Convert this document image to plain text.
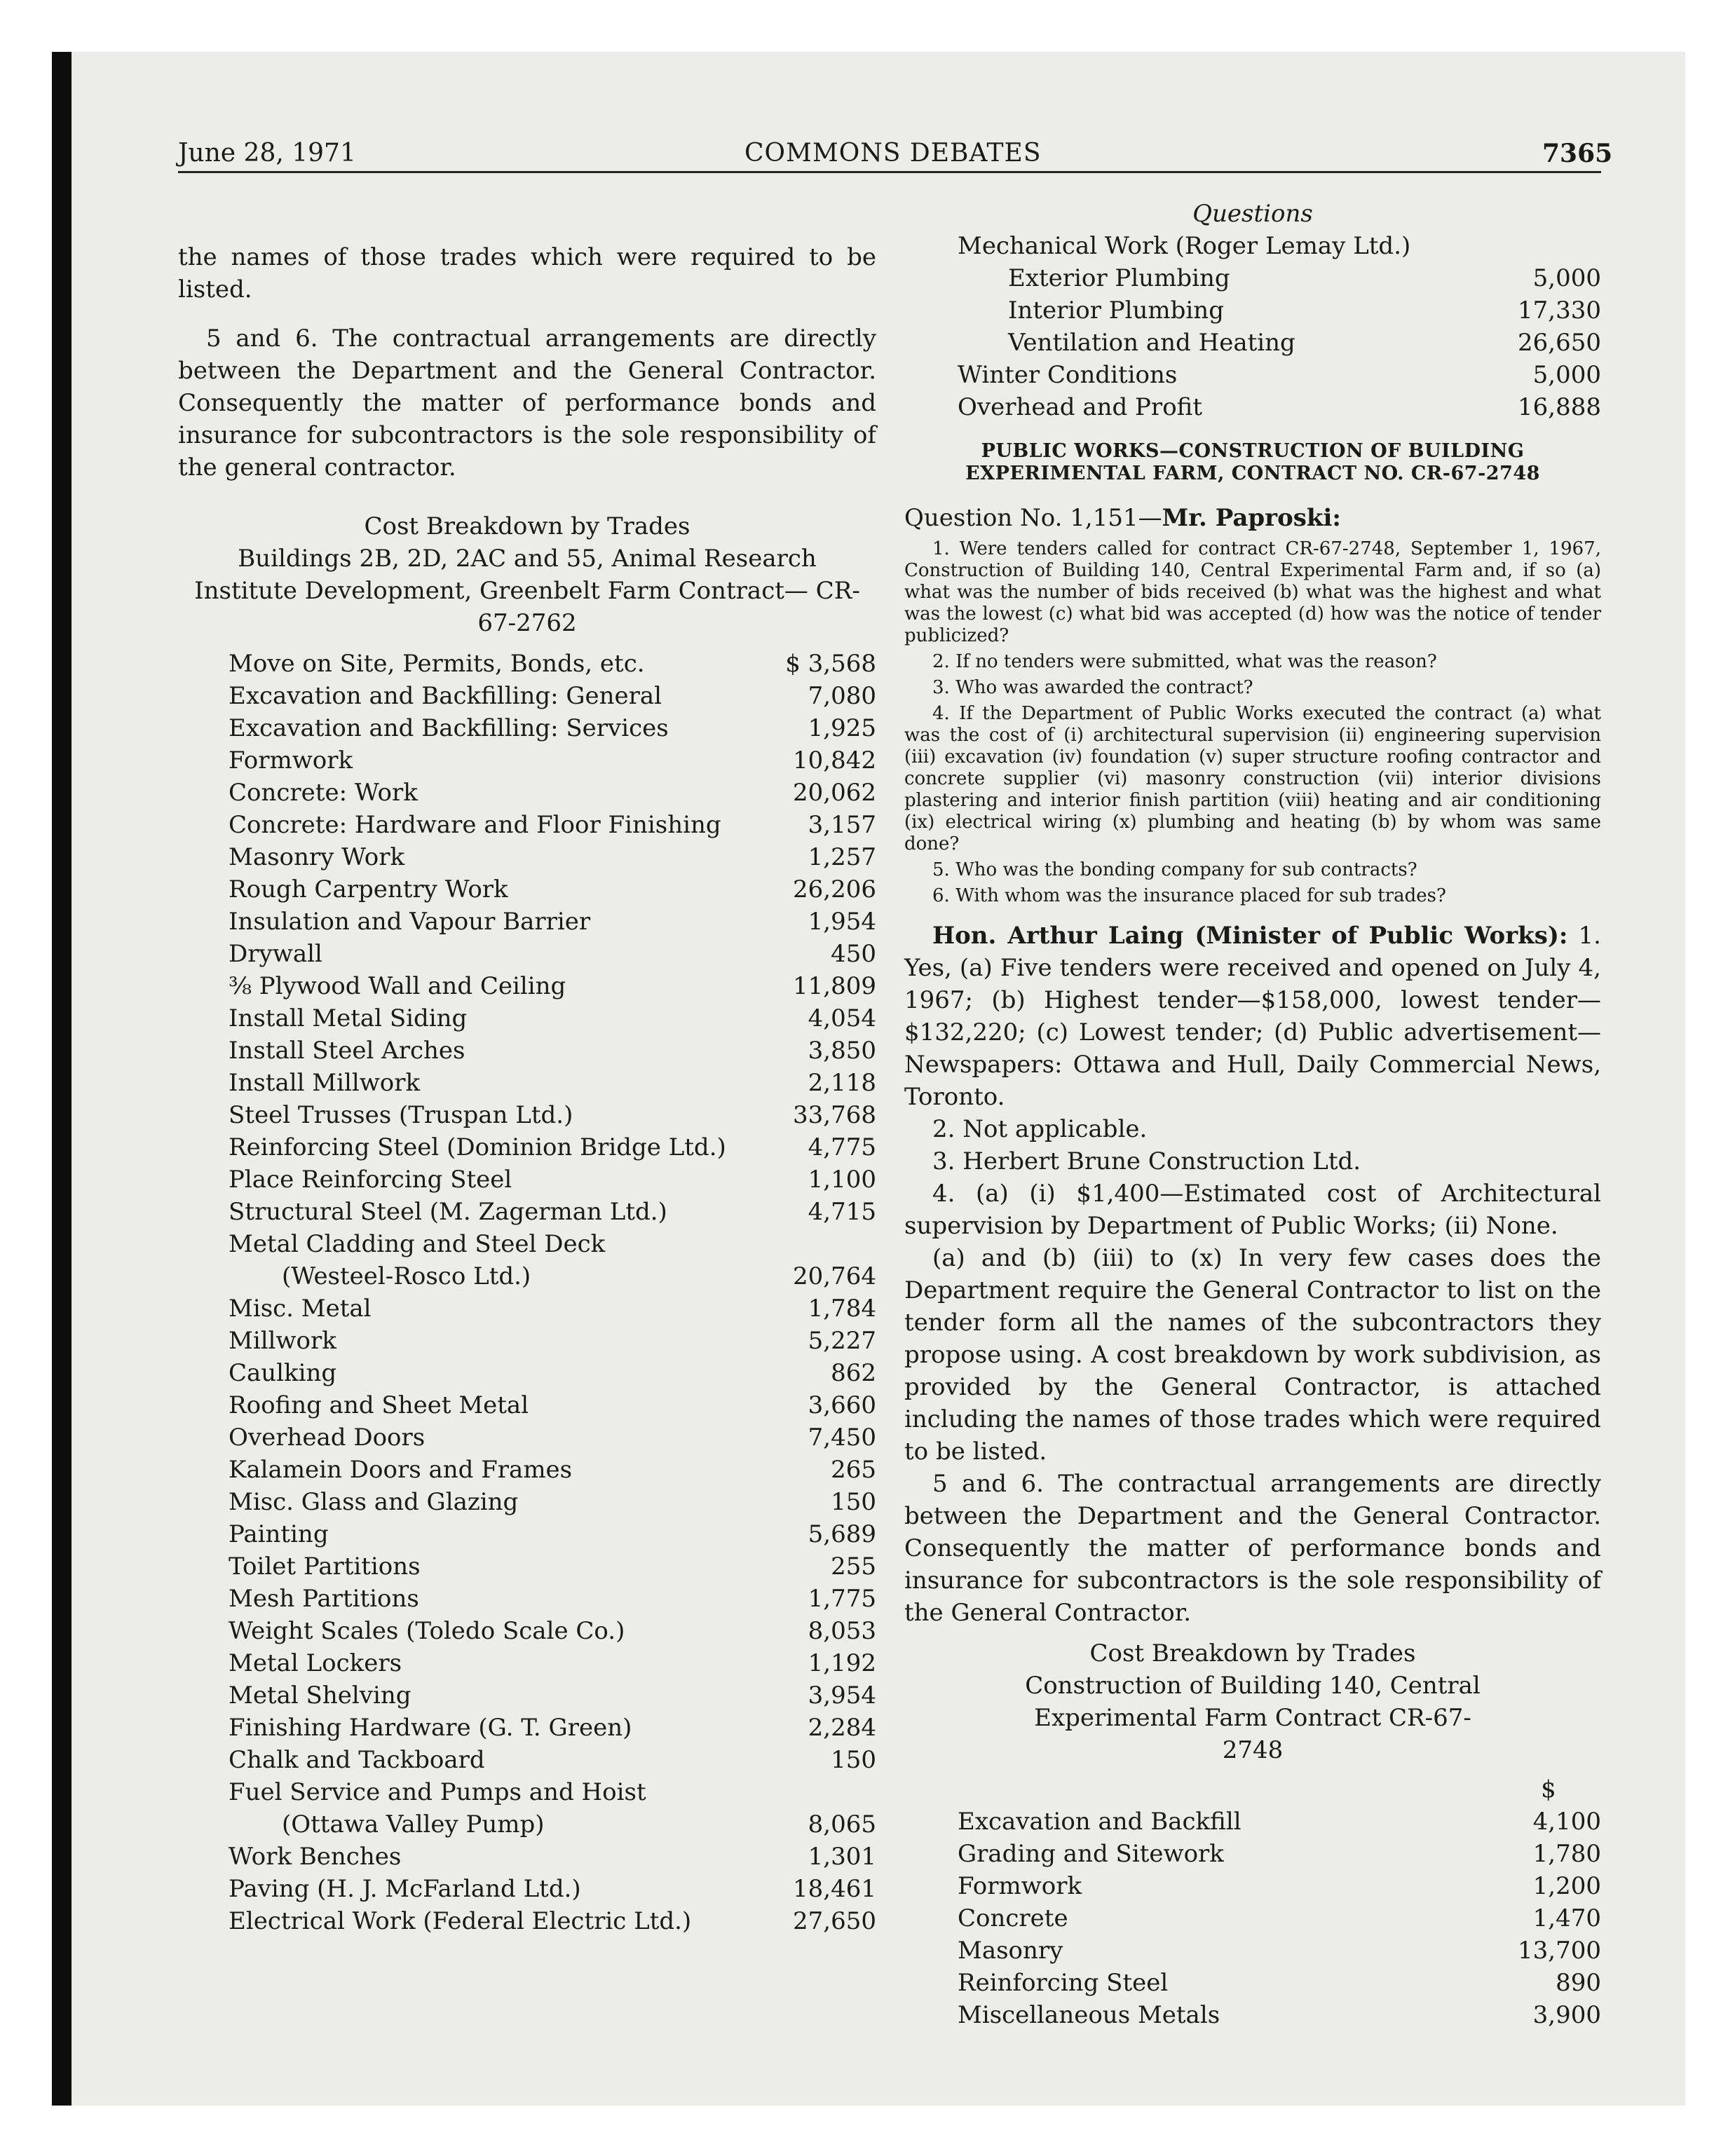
June 28, 1971	COMMONS DEBATES	7365

the names of those trades which were required to be listed.

5 and 6. The contractual arrangements are directly between the Department and the General Contractor. Consequently the matter of performance bonds and insurance for subcontractors is the sole responsibility of the general contractor.

Cost Breakdown by Trades

Buildings 2B, 2D, 2AC and 55, Animal Research Institute Development, Greenbelt Farm Contract— CR-67-2762

Move on Site, Permits, Bonds, etc.	$ 3,568
Excavation and Backfilling: General	7,080
Excavation and Backfilling: Services	1,925
Formwork	10,842
Concrete: Work	20,062
Concrete: Hardware and Floor Finishing	3,157
Masonry Work	1,257
Rough Carpentry Work	26,206
Insulation and Vapour Barrier	1,954
Drywall	450
⅜ Plywood Wall and Ceiling	11,809
Install Metal Siding	4,054
Install Steel Arches	3,850
Install Millwork	2,118
Steel Trusses (Truspan Ltd.)	33,768
Reinforcing Steel (Dominion Bridge Ltd.)	4,775
Place Reinforcing Steel	1,100
Structural Steel (M. Zagerman Ltd.)	4,715
Metal Cladding and Steel Deck
(Westeel-Rosco Ltd.)	20,764
Misc. Metal	1,784
Millwork	5,227
Caulking	862
Roofing and Sheet Metal	3,660
Overhead Doors	7,450
Kalamein Doors and Frames	265
Misc. Glass and Glazing	150
Painting	5,689
Toilet Partitions	255
Mesh Partitions	1,775
Weight Scales (Toledo Scale Co.)	8,053
Metal Lockers	1,192
Metal Shelving	3,954
Finishing Hardware (G. T. Green)	2,284
Chalk and Tackboard	150
Fuel Service and Pumps and Hoist
(Ottawa Valley Pump)	8,065
Work Benches	1,301
Paving (H. J. McFarland Ltd.)	18,461
Electrical Work (Federal Electric Ltd.)	27,650

Questions

Mechanical Work (Roger Lemay Ltd.)

Exterior Plumbing	5,000
Interior Plumbing	17,330
Ventilation and Heating	26,650
Winter Conditions	5,000
Overhead and Profit	16,888

PUBLIC WORKS—CONSTRUCTION OF BUILDING EXPERIMENTAL FARM, CONTRACT NO. CR-67-2748

Question No. 1,151—Mr. Paproski:

1. Were tenders called for contract CR-67-2748, September 1, 1967, Construction of Building 140, Central Experimental Farm and, if so (a) what was the number of bids received (b) what was the highest and what was the lowest (c) what bid was accepted (d) how was the notice of tender publicized?

2. If no tenders were submitted, what was the reason?

3. Who was awarded the contract?

4. If the Department of Public Works executed the contract (a) what was the cost of (i) architectural supervision (ii) engineering supervision (iii) excavation (iv) foundation (v) super structure roofing contractor and concrete supplier (vi) masonry construction (vii) interior divisions plastering and interior finish partition (viii) heating and air conditioning (ix) electrical wiring (x) plumbing and heating (b) by whom was same done?

5. Who was the bonding company for sub contracts?

6. With whom was the insurance placed for sub trades?

Hon. Arthur Laing (Minister of Public Works): 1. Yes, (a) Five tenders were received and opened on July 4, 1967; (b) Highest tender—$158,000, lowest tender—$132,220; (c) Lowest tender; (d) Public advertisement—Newspapers: Ottawa and Hull, Daily Commercial News, Toronto.

2. Not applicable.

3. Herbert Brune Construction Ltd.

4. (a) (i) $1,400—Estimated cost of Architectural supervision by Department of Public Works; (ii) None.

(a) and (b) (iii) to (x) In very few cases does the Department require the General Contractor to list on the tender form all the names of the subcontractors they propose using. A cost breakdown by work subdivision, as provided by the General Contractor, is attached including the names of those trades which were required to be listed.

5 and 6. The contractual arrangements are directly between the Department and the General Contractor. Consequently the matter of performance bonds and insurance for subcontractors is the sole responsibility of the General Contractor.

Cost Breakdown by Trades

Construction of Building 140, Central Experimental Farm Contract CR-67-2748

$
Excavation and Backfill	4,100
Grading and Sitework	1,780
Formwork	1,200
Concrete	1,470
Masonry	13,700
Reinforcing Steel	890
Miscellaneous Metals	3,900
